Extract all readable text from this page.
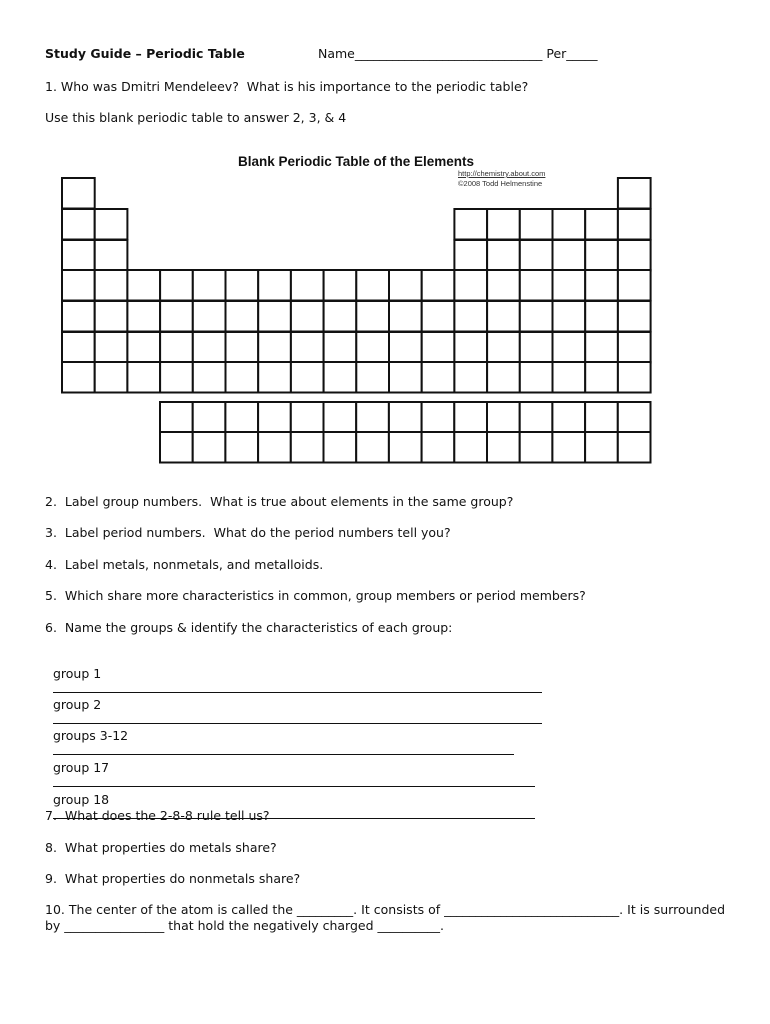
Study Guide – Periodic Table	Name______________________________ Per_____
1. Who was Dmitri Mendeleev?  What is his importance to the periodic table?
Use this blank periodic table to answer 2, 3, & 4
Blank Periodic Table of the Elements
http://chemistry.about.com
©2008 Todd Helmenstine
2.  Label group numbers.  What is true about elements in the same group?
3.  Label period numbers.  What do the period numbers tell you?
4.  Label metals, nonmetals, and metalloids.
5.  Which share more characteristics in common, group members or period members?
6.  Name the groups & identify the characteristics of each group:

group 1

group 2

groups 3-12

group 17

group 18

7.  What does the 2-8-8 rule tell us?
8.  What properties do metals share?
9.  What properties do nonmetals share?
10. The center of the atom is called the _________. It consists of ____________________________. It is surrounded by ________________ that hold the negatively charged __________.
